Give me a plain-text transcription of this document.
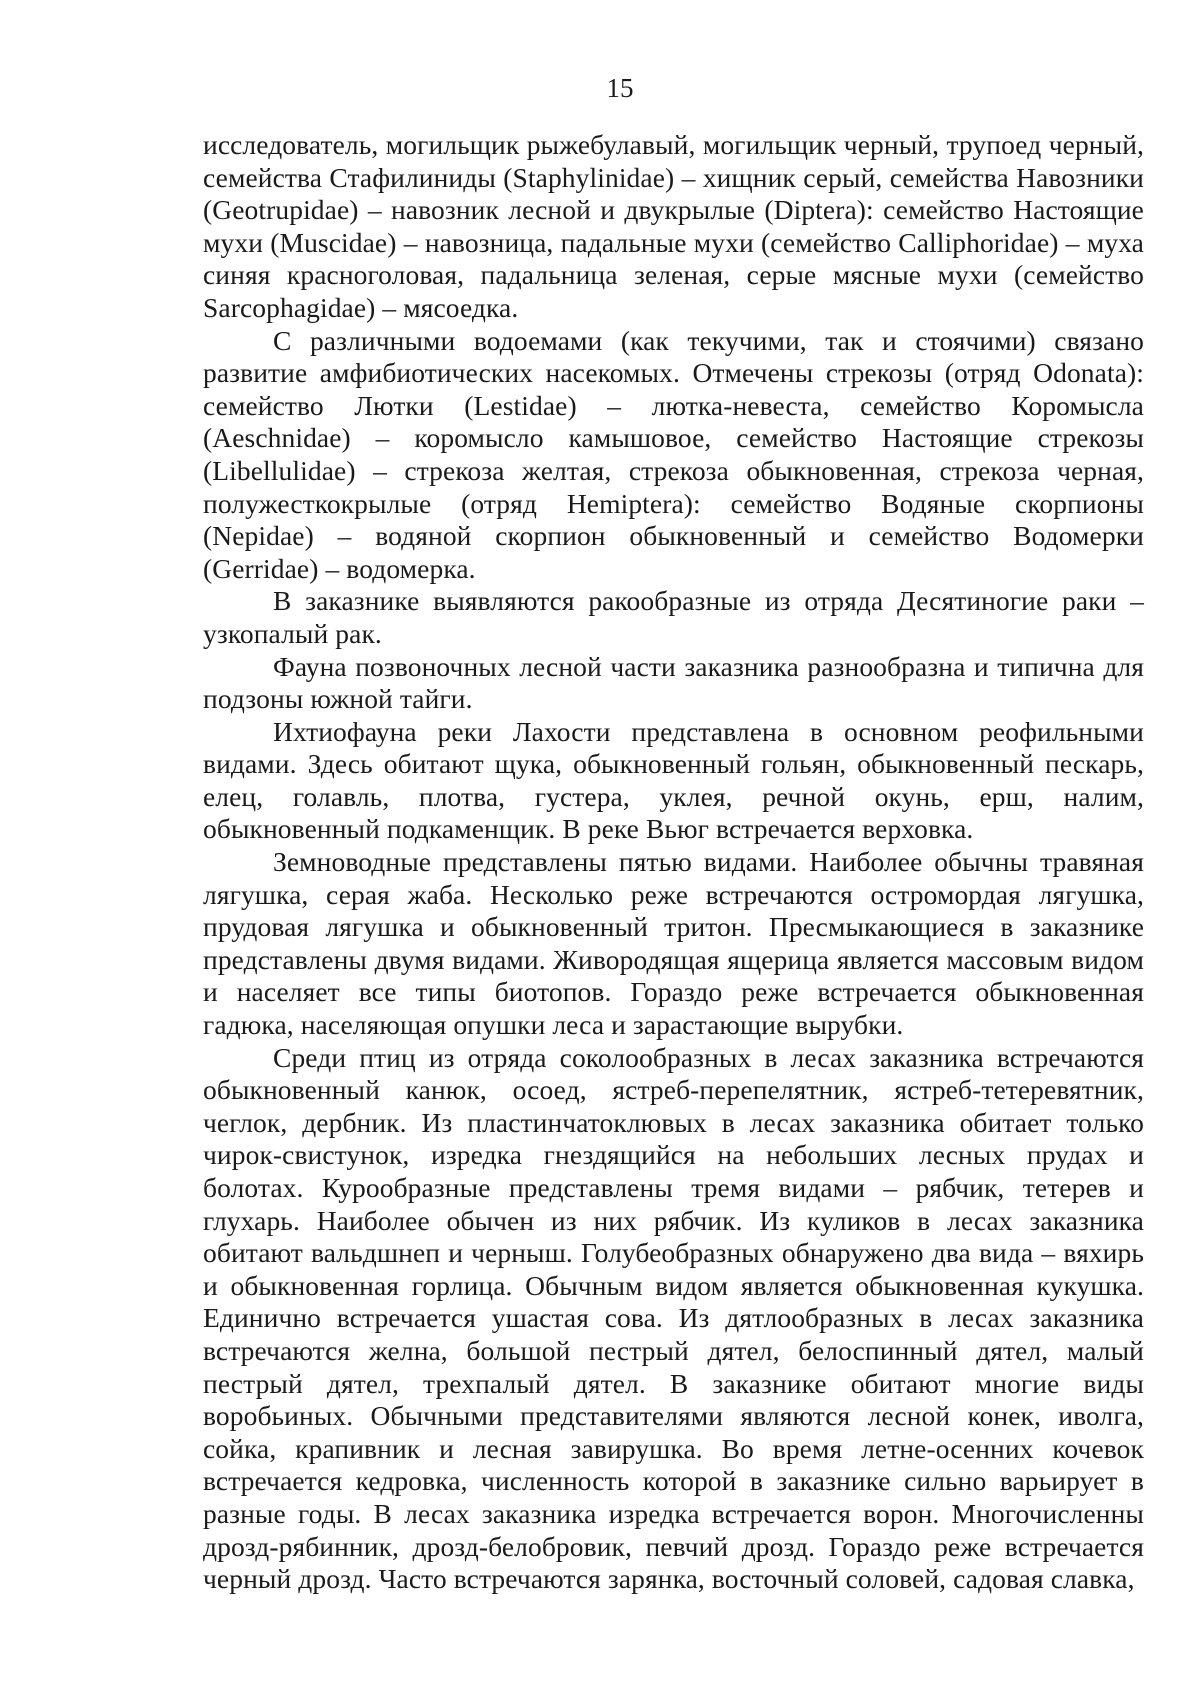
15

исследователь, могильщик рыжебулавый, могильщик черный, трупоед черный, семейства Стафилиниды (Staphylinidae) – хищник серый, семейства Навозники (Geotrupidae) – навозник лесной и двукрылые (Diptera): семейство Настоящие мухи (Muscidae) – навозница, падальные мухи (семейство Calliphoridae) – муха синяя красноголовая, падальница зеленая, серые мясные мухи (семейство Sarcophagidae) – мясоедка.

С различными водоемами (как текучими, так и стоячими) связано развитие амфибиотических насекомых. Отмечены стрекозы (отряд Odonata): семейство Лютки (Lestidae) – лютка-невеста, семейство Коромысла (Aeschnidae) – коромысло камышовое, семейство Настоящие стрекозы (Libellulidae) – стрекоза желтая, стрекоза обыкновенная, стрекоза черная, полужесткокрылые (отряд Hemiptera): семейство Водяные скорпионы (Nepidae) – водяной скорпион обыкновенный и семейство Водомерки (Gerridae) – водомерка.

В заказнике выявляются ракообразные из отряда Десятиногие раки – узкопалый рак.

Фауна позвоночных лесной части заказника разнообразна и типична для подзоны южной тайги.

Ихтиофауна реки Лахости представлена в основном реофильными видами. Здесь обитают щука, обыкновенный гольян, обыкновенный пескарь, елец, голавль, плотва, густера, уклея, речной окунь, ерш, налим, обыкновенный подкаменщик. В реке Вьюг встречается верховка.

Земноводные представлены пятью видами. Наиболее обычны травяная лягушка, серая жаба. Несколько реже встречаются остромордая лягушка, прудовая лягушка и обыкновенный тритон. Пресмыкающиеся в заказнике представлены двумя видами. Живородящая ящерица является массовым видом и населяет все типы биотопов. Гораздо реже встречается обыкновенная гадюка, населяющая опушки леса и зарастающие вырубки.

Среди птиц из отряда соколообразных в лесах заказника встречаются обыкновенный канюк, осоед, ястреб-перепелятник, ястреб-тетеревятник, чеглок, дербник. Из пластинчатоклювых в лесах заказника обитает только чирок-свистунок, изредка гнездящийся на небольших лесных прудах и болотах. Курообразные представлены тремя видами – рябчик, тетерев и глухарь. Наиболее обычен из них рябчик. Из куликов в лесах заказника обитают вальдшнеп и черныш. Голубеобразных обнаружено два вида – вяхирь и обыкновенная горлица. Обычным видом является обыкновенная кукушка. Единично встречается ушастая сова. Из дятлообразных в лесах заказника встречаются желна, большой пестрый дятел, белоспинный дятел, малый пестрый дятел, трехпалый дятел. В заказнике обитают многие виды воробьиных. Обычными представителями являются лесной конек, иволга, сойка, крапивник и лесная завирушка. Во время летне-осенних кочевок встречается кедровка, численность которой в заказнике сильно варьирует в разные годы. В лесах заказника изредка встречается ворон. Многочисленны дрозд-рябинник, дрозд-белобровик, певчий дрозд. Гораздо реже встречается черный дрозд. Часто встречаются зарянка, восточный соловей, садовая славка,
